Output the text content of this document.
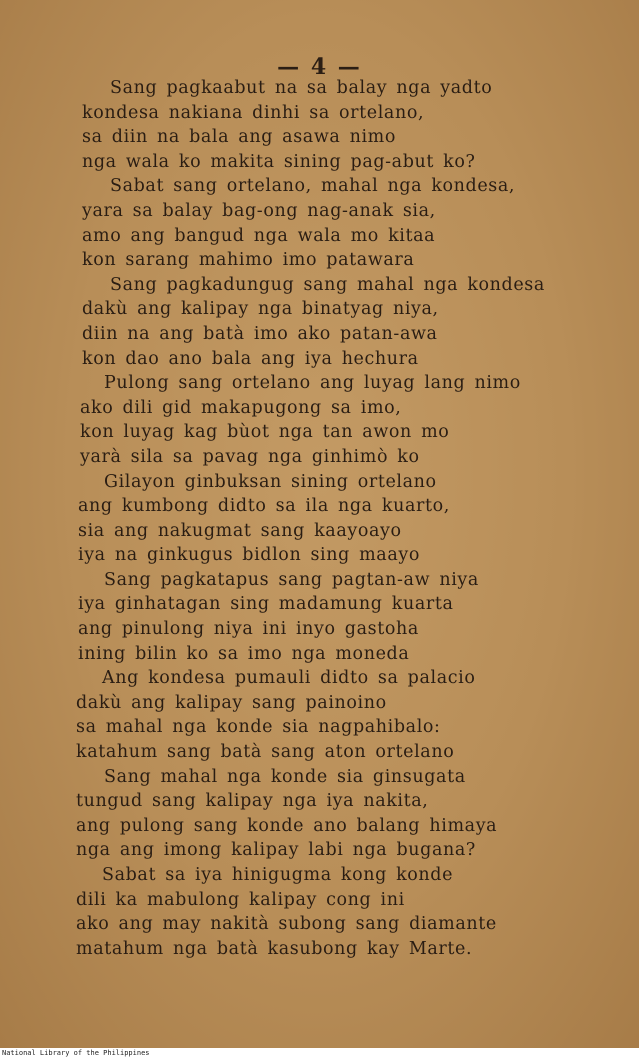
— 4 —
Sang pagkaabut na sa balay nga yadto
kondesa nakiana dinhi sa ortelano,
sa diin na bala ang asawa nimo
nga wala ko makita sining pag-abut ko?
Sabat sang ortelano, mahal nga kondesa,
yara sa balay bag-ong nag-anak sia,
amo ang bangud nga wala mo kitaa
kon sarang mahimo imo patawara
Sang pagkadungug sang mahal nga kondesa
dakù ang kalipay nga binatyag niya,
diin na ang batà imo ako patan-awa
kon dao ano bala ang iya hechura
Pulong sang ortelano ang luyag lang nimo
ako dili gid makapugong sa imo,
kon luyag kag bùot nga tan awon mo
yarà sila sa pavag nga ginhimò ko
Gilayon ginbuksan sining ortelano
ang kumbong didto sa ila nga kuarto,
sia ang nakugmat sang kaayoayo
iya na ginkugus bidlon sing maayo
Sang pagkatapus sang pagtan-aw niya
iya ginhatagan sing madamung kuarta
ang pinulong niya ini inyo gastoha
ining bilin ko sa imo nga moneda
Ang kondesa pumauli didto sa palacio
dakù ang kalipay sang painoino
sa mahal nga konde sia nagpahibalo:
katahum sang batà sang aton ortelano
Sang mahal nga konde sia ginsugata
tungud sang kalipay nga iya nakita,
ang pulong sang konde ano balang himaya
nga ang imong kalipay labi nga bugana?
Sabat sa iya hinigugma kong konde
dili ka mabulong kalipay cong ini
ako ang may nakità subong sang diamante
matahum nga batà kasubong kay Marte.
National Library of the Philippines
